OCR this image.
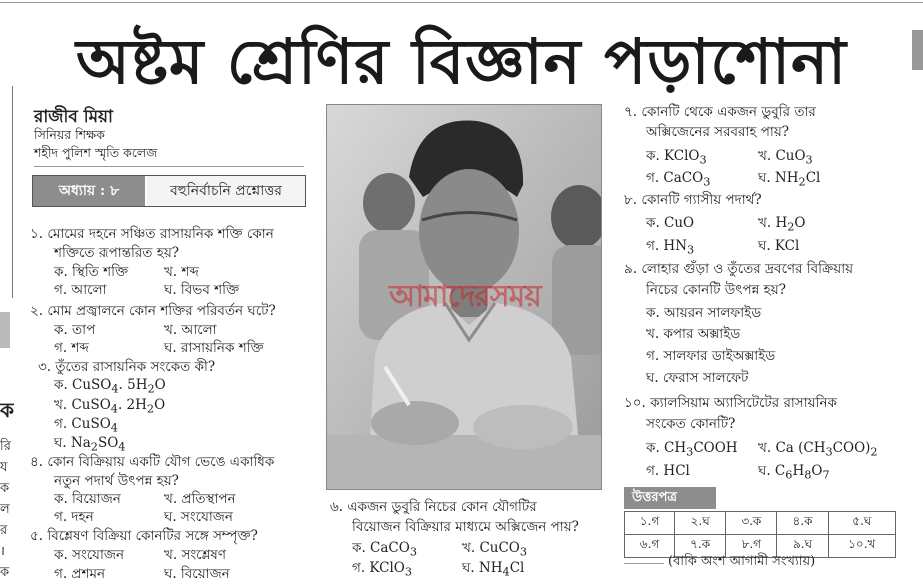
অষ্টম শ্রেণির বিজ্ঞান পড়াশোনা
ক
রি
য
ক
ল
র
।
ক
রাজীব মিয়া
সিনিয়র শিক্ষক
শহীদ পুলিশ স্মৃতি কলেজ
অধ্যায় : ৮	বহুনির্বাচনি প্রশ্নোত্তর
১. মোমের দহনে সঞ্চিত রাসায়নিক শক্তি কোন
শক্তিতে রূপান্তরিত হয়?
ক. স্থিতি শক্তি	খ. শব্দ
গ. আলো	ঘ. বিভব শক্তি
২. মোম প্রজ্বালনে কোন শক্তির পরিবর্তন ঘটে?
ক. তাপ	খ. আলো
গ. শব্দ	ঘ. রাসায়নিক শক্তি
৩. তুঁতের রাসায়নিক সংকেত কী?
ক. CuSO$_4$. $5H_2O$
খ. CuSO$_4$. $2H_2O$
গ. CuSO$_4$
ঘ. $Na_2SO_4$
৪. কোন বিক্রিয়ায় একটি যৌগ ভেঙে একাধিক
নতুন পদার্থ উৎপন্ন হয়?
ক. বিয়োজন	খ. প্রতিস্থাপন
গ. দহন	ঘ. সংযোজন
৫. বিশ্লেষণ বিক্রিয়া কোনটির সঙ্গে সম্পৃক্ত?
ক. সংযোজন	খ. সংশ্লেষণ
গ. প্রশমন	ঘ. বিয়োজন
আমাদেরসময়
৬. একজন ডুবুরি নিচের কোন যৌগটির
বিয়োজন বিক্রিয়ার মাধ্যমে অক্সিজেন পায়?
ক. CaCO$_3$	খ. CuCO$_3$
গ. KClO$_3$	ঘ. $NH_4Cl$
৭. কোনটি থেকে একজন ডুবুরি তার
অক্সিজেনের সরবরাহ পায়?
ক. KClO$_3$	খ. CuO$_3$
গ. CaCO$_3$	ঘ. $NH_2Cl$
৮. কোনটি গ্যাসীয় পদার্থ?
ক. CuO	খ. $H_2O$
গ. $HN_3$	ঘ. KCl
৯. লোহার গুঁড়া ও তুঁতের দ্রবণের বিক্রিয়ায়
নিচের কোনটি উৎপন্ন হয়?
ক. আয়রন সালফাইড
খ. কপার অক্সাইড
গ. সালফার ডাইঅক্সাইড
ঘ. ফেরাস সালফেট
১০. ক্যালসিয়াম অ্যাসিটেটের রাসায়নিক
সংকেত কোনটি?
ক. $CH_3COOH$ খ. Ca $(CH_3COO)_2$
গ. HCl	ঘ. $C_6H_8O_7$
উত্তরপত্র
১.গ	২.ঘ	৩.ক	৪.ক	৫.ঘ
৬.গ	৭.ক	৮.গ	৯.ঘ	১০.খ
(বাকি অংশ আগামী সংখ্যায়)
